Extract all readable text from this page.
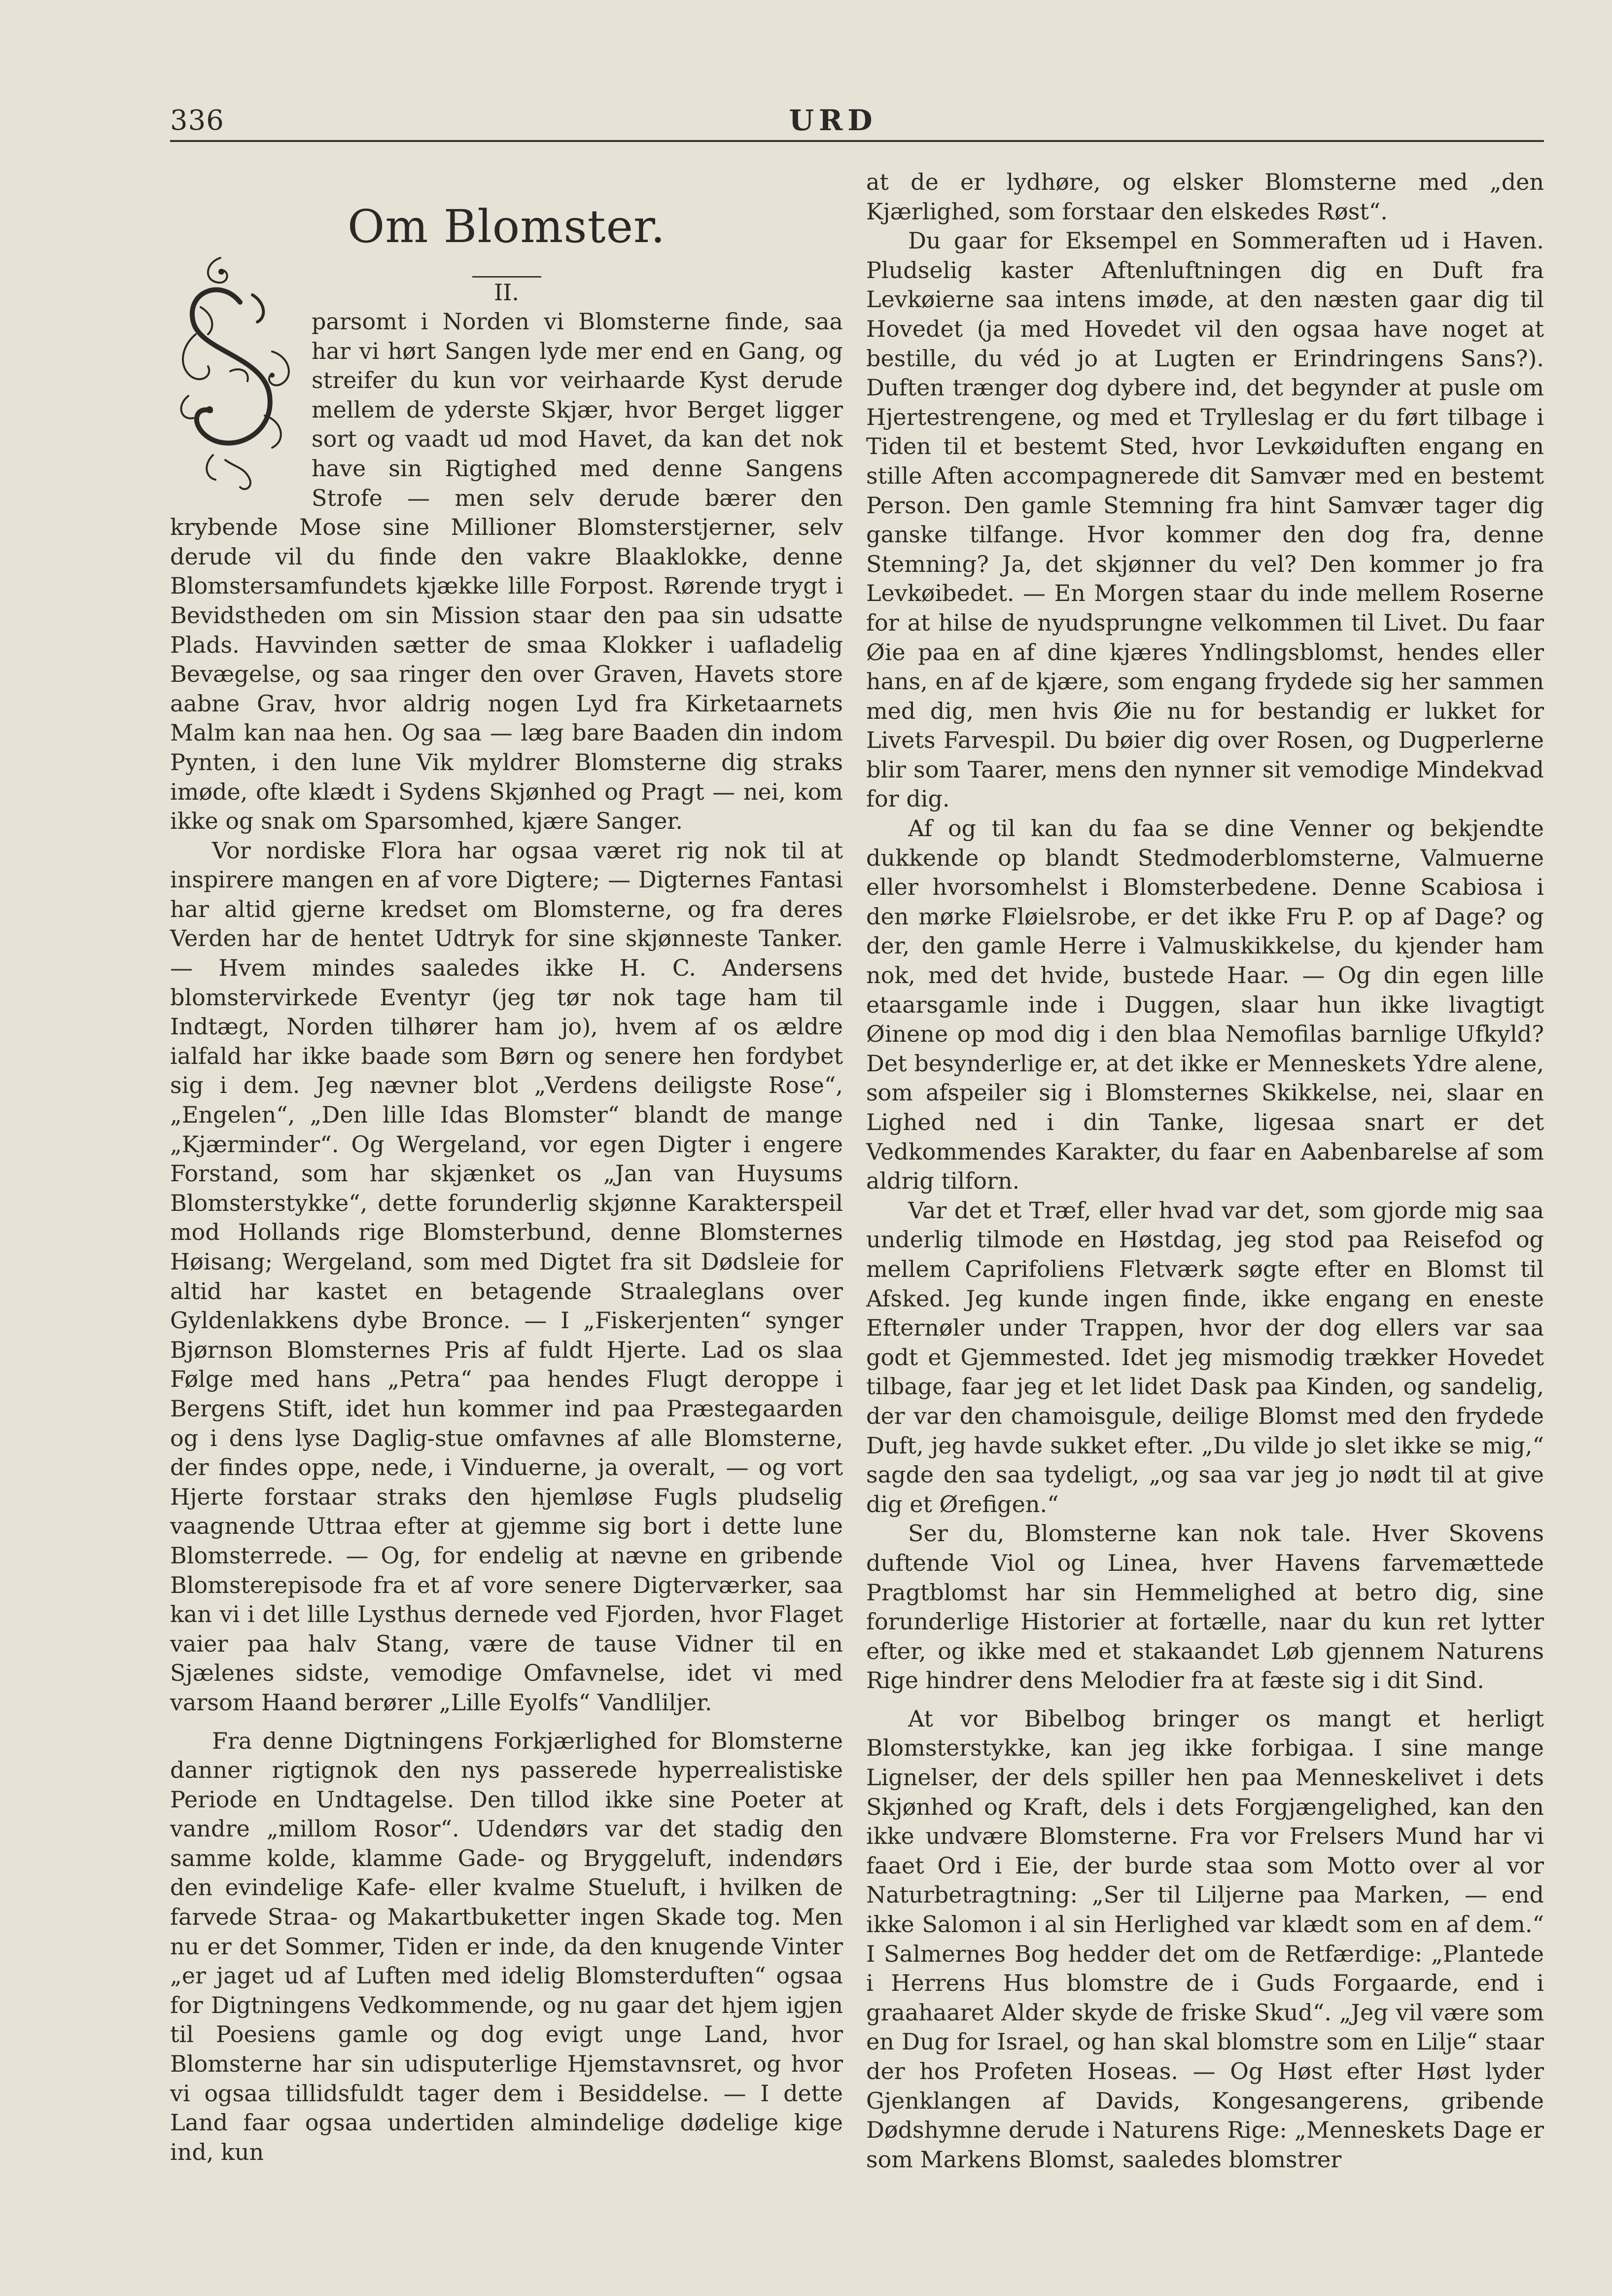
336	URD
Om Blomster.

II.

parsomt i Norden vi Blomsterne finde, saa har vi hørt Sangen lyde mer end en Gang, og streifer du kun vor veirhaarde Kyst derude mellem de yderste Skjær, hvor Berget ligger sort og vaadt ud mod Havet, da kan det nok have sin Rigtighed med denne Sangens Strofe — men selv derude bærer den krybende Mose sine Millioner Blomsterstjerner, selv derude vil du finde den vakre Blaaklokke, denne Blomstersamfundets kjække lille Forpost. Rørende trygt i Bevidstheden om sin Mission staar den paa sin udsatte Plads. Havvinden sætter de smaa Klokker i uafladelig Bevægelse, og saa ringer den over Graven, Havets store aabne Grav, hvor aldrig nogen Lyd fra Kirketaarnets Malm kan naa hen. Og saa — læg bare Baaden din indom Pynten, i den lune Vik myldrer Blomsterne dig straks imøde, ofte klædt i Sydens Skjønhed og Pragt — nei, kom ikke og snak om Sparsomhed, kjære Sanger.

Vor nordiske Flora har ogsaa været rig nok til at inspirere mangen en af vore Digtere; — Digternes Fantasi har altid gjerne kredset om Blomsterne, og fra deres Verden har de hentet Udtryk for sine skjønneste Tanker. — Hvem mindes saaledes ikke H. C. Andersens blomstervirkede Eventyr (jeg tør nok tage ham til Indtægt, Norden tilhører ham jo), hvem af os ældre ialfald har ikke baade som Børn og senere hen fordybet sig i dem. Jeg nævner blot „Verdens deiligste Rose“, „Engelen“, „Den lille Idas Blomster“ blandt de mange „Kjærminder“. Og Wergeland, vor egen Digter i engere Forstand, som har skjænket os „Jan van Huysums Blomsterstykke“, dette forunderlig skjønne Karakterspeil mod Hollands rige Blomsterbund, denne Blomsternes Høisang; Wergeland, som med Digtet fra sit Dødsleie for altid har kastet en betagende Straaleglans over Gyldenlakkens dybe Bronce. — I „Fiskerjenten“ synger Bjørnson Blomsternes Pris af fuldt Hjerte. Lad os slaa Følge med hans „Petra“ paa hendes Flugt deroppe i Bergens Stift, idet hun kommer ind paa Præstegaarden og i dens lyse Daglig-stue omfavnes af alle Blomsterne, der findes oppe, nede, i Vinduerne, ja overalt, — og vort Hjerte forstaar straks den hjemløse Fugls pludselig vaagnende Uttraa efter at gjemme sig bort i dette lune Blomsterrede. — Og, for endelig at nævne en gribende Blomsterepisode fra et af vore senere Digterværker, saa kan vi i det lille Lysthus dernede ved Fjorden, hvor Flaget vaier paa halv Stang, være de tause Vidner til en Sjælenes sidste, vemodige Omfavnelse, idet vi med varsom Haand berører „Lille Eyolfs“ Vandliljer.

Fra denne Digtningens Forkjærlighed for Blomsterne danner rigtignok den nys passerede hyperrealistiske Periode en Undtagelse. Den tillod ikke sine Poeter at vandre „millom Rosor“. Udendørs var det stadig den samme kolde, klamme Gade- og Bryggeluft, indendørs den evindelige Kafe- eller kvalme Stueluft, i hvilken de farvede Straa- og Makartbuketter ingen Skade tog. Men nu er det Sommer, Tiden er inde, da den knugende Vinter „er jaget ud af Luften med idelig Blomsterduften“ ogsaa for Digtningens Vedkommende, og nu gaar det hjem igjen til Poesiens gamle og dog evigt unge Land, hvor Blomsterne har sin udisputerlige Hjemstavnsret, og hvor vi ogsaa tillidsfuldt tager dem i Besiddelse. — I dette Land faar ogsaa undertiden almindelige dødelige kige ind, kun

at de er lydhøre, og elsker Blomsterne med „den Kjærlighed, som forstaar den elskedes Røst“.

Du gaar for Eksempel en Sommeraften ud i Haven. Pludselig kaster Aftenluftningen dig en Duft fra Levkøierne saa intens imøde, at den næsten gaar dig til Hovedet (ja med Hovedet vil den ogsaa have noget at bestille, du véd jo at Lugten er Erindringens Sans?). Duften trænger dog dybere ind, det begynder at pusle om Hjertestrengene, og med et Trylleslag er du ført tilbage i Tiden til et bestemt Sted, hvor Levkøiduften engang en stille Aften accompagnerede dit Samvær med en bestemt Person. Den gamle Stemning fra hint Samvær tager dig ganske tilfange. Hvor kommer den dog fra, denne Stemning? Ja, det skjønner du vel? Den kommer jo fra Levkøibedet. — En Morgen staar du inde mellem Roserne for at hilse de nyudsprungne velkommen til Livet. Du faar Øie paa en af dine kjæres Yndlingsblomst, hendes eller hans, en af de kjære, som engang frydede sig her sammen med dig, men hvis Øie nu for bestandig er lukket for Livets Farvespil. Du bøier dig over Rosen, og Dugperlerne blir som Taarer, mens den nynner sit vemodige Mindekvad for dig.

Af og til kan du faa se dine Venner og bekjendte dukkende op blandt Stedmoderblomsterne, Valmuerne eller hvorsomhelst i Blomsterbedene. Denne Scabiosa i den mørke Fløielsrobe, er det ikke Fru P. op af Dage? og der, den gamle Herre i Valmuskikkelse, du kjender ham nok, med det hvide, bustede Haar. — Og din egen lille etaarsgamle inde i Duggen, slaar hun ikke livagtigt Øinene op mod dig i den blaa Nemofilas barnlige Ufkyld? Det besynderlige er, at det ikke er Menneskets Ydre alene, som afspeiler sig i Blomsternes Skikkelse, nei, slaar en Lighed ned i din Tanke, ligesaa snart er det Vedkommendes Karakter, du faar en Aabenbarelse af som aldrig tilforn.

Var det et Træf, eller hvad var det, som gjorde mig saa underlig tilmode en Høstdag, jeg stod paa Reisefod og mellem Caprifoliens Fletværk søgte efter en Blomst til Afsked. Jeg kunde ingen finde, ikke engang en eneste Efternøler under Trappen, hvor der dog ellers var saa godt et Gjemmested. Idet jeg mismodig trækker Hovedet tilbage, faar jeg et let lidet Dask paa Kinden, og sandelig, der var den chamoisgule, deilige Blomst med den frydede Duft, jeg havde sukket efter. „Du vilde jo slet ikke se mig,“ sagde den saa tydeligt, „og saa var jeg jo nødt til at give dig et Ørefigen.“

Ser du, Blomsterne kan nok tale. Hver Skovens duftende Viol og Linea, hver Havens farvemættede Pragtblomst har sin Hemmelighed at betro dig, sine forunderlige Historier at fortælle, naar du kun ret lytter efter, og ikke med et stakaandet Løb gjennem Naturens Rige hindrer dens Melodier fra at fæste sig i dit Sind.

At vor Bibelbog bringer os mangt et herligt Blomsterstykke, kan jeg ikke forbigaa. I sine mange Lignelser, der dels spiller hen paa Menneskelivet i dets Skjønhed og Kraft, dels i dets Forgjængelighed, kan den ikke undvære Blomsterne. Fra vor Frelsers Mund har vi faaet Ord i Eie, der burde staa som Motto over al vor Naturbetragtning: „Ser til Liljerne paa Marken, — end ikke Salomon i al sin Herlighed var klædt som en af dem.“ I Salmernes Bog hedder det om de Retfærdige: „Plantede i Herrens Hus blomstre de i Guds Forgaarde, end i graahaaret Alder skyde de friske Skud“. „Jeg vil være som en Dug for Israel, og han skal blomstre som en Lilje“ staar der hos Profeten Hoseas. — Og Høst efter Høst lyder Gjenklangen af Davids, Kongesangerens, gribende Dødshymne derude i Naturens Rige: „Menneskets Dage er som Markens Blomst, saaledes blomstrer
